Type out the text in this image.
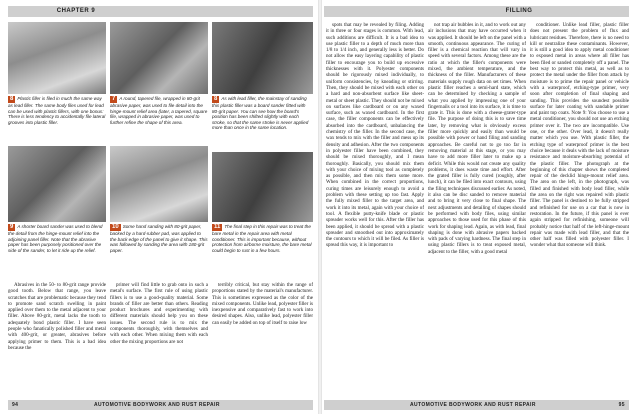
CHAPTER 9
8 Plastic filler is filed in much the same way as lead filler. The same body files used for lead can be used with plastic fillers, with one bonus: There is less tendency to accidentally file lateral grooves into plastic filler.
7 A round, tapered file, wrapped in 80-grit abrasive paper, was used to file detail into the hinge-mount relief area (later, a tapered, square file, wrapped in abrasive paper, was used to further refine the shape of this area.
8 As with lead filler, the mainstay of sanding this plastic filler was a board sander fitted with 80-grit paper. You can see how the board's position has been shifted slightly with each stroke, so that the same stroke is never applied more than once in the same location.
9 A shorter board sander was used to blend the detail from the hinge-mount relief into the adjoining panel filler. Note that the abrasive paper has been purposely positioned over the side of the sander, to let it ride up the relief.
10 Some hand sanding with 80-grit paper, backed by a hard-rubber pad, was applied to the back edge of the panel to give it shape. This was followed by sanding the area with 180-grit paper.
11 The final step in this repair was to treat the bare metal in the repair area with metal conditioner. This is important because, without protection from airborne moisture, the bare metal could begin to rust in a few hours.

Abrasives in the 50- to 80-grit range provide good tooth. Below that range, you leave scratches that are problematic because they tend to promote sand scratch swelling in paint applied over them to the metal adjacent to your filler. Above 80-grit, metal lacks the tooth to adequately bond plastic filler. I have seen people who fanatically polished filler and metal with 400-grit, or greater, abrasives before applying primer to them. This is a bad idea because the

primer will find little to grab onto in such a metal's surface. The first rule of using plastic fillers is to use a good-quality material. Some brands of filler are better than others. Reading product brochures and experimenting with different materials should help you on these issues. The second rule is to mix the components thoroughly, with themselves and with each other. When mixing them with each other the mixing proportions are not

terribly critical, but stay within the range of proportions stated by the material's manufacturer. This is sometimes expressed as the color of the mixed components. Unlike lead, polyester filler is inexpensive and comparatively fast to work into desired shapes. Also, unlike lead, polyester filler can easily be added on top of itself to raise low

94	AUTOMOTIVE BODYWORK AND RUST REPAIR
FILLING

spots that may be revealed by filing. Adding it in three or four stages is common. With lead, such additions are difficult. It is a bad idea to use plastic filler to a depth of much more than 1/8 to 1/4 inch, and generally less is better. Do not allow the easy layering capability of plastic filler to encourage you to build up excessive thicknesses with it. Polyester components should be rigorously mixed individually, to uniform consistencies, by kneading or stirring. Then, they should be mixed with each other on a hard and non-absorbent surface like sheet-metal or sheet plastic. They should not be mixed on surfaces like cardboard or on any waxed surface, such as waxed cardboard. In the first case, the filler components can be effectively absorbed into the cardboard, unbalancing the chemistry of the filler. In the second case, the wax tends to mix with the filler and mess up its density and adhesion. After the two components in polyester filler have been combined, they should be mixed thoroughly, and I mean thoroughly. Basically, you should mix them with your choice of mixing tool as completely as possible, and then mix them some more. When combined in the correct proportions, curing times are leisurely enough to avoid a problem with these setting up too fast. Apply the fully mixed filler to the target area, and work it into its metal, again with your choice of tool. A flexible putty-knife blade or plastic spreader works well for this. After the filler has been applied, it should be spread with a plastic spreader and smoothed out into approximately the contours to which it will be filed. As filler is spread this way, it is important to

not trap air bubbles in it, and to work out any air inclusions that may have occurred when it was applied. It should be left on the panel with a smooth, continuous appearance. The curing of filler is a chemical reaction that will vary in speed with several factors. Among these are the ratio at which the filler's components were mixed, the ambient temperature, and the thickness of the filler. Manufacturers of these materials supply rough data on set times. When plastic filler reaches a semi-hard state, which can be determined by checking a sample of what you applied by impressing one of your fingernails or a tool into its surface, it is time to grate it. This is done with a cheese-grater-type file. The purpose of doing this is to save time later, by removing what is obviously excess filler more quickly and easily than would be possible with power or hand filing and sanding approaches. Be careful not to go too far in removing material at this stage, or you may have to add more filler later to make up a deficit. While this would not create any quality problems, it does waste time and effort. After the grated filler is fully cured (roughly, after lunch), it can be filed into exact contours, using the filing techniques discussed earlier. As noted, it also can be disc sanded to remove material and to bring it very close to final shape. The next adjustments and detailing of shapes should be performed with body files, using similar approaches to those used for this phase of this work for shaping lead. Again, as with lead, final shaping is done with abrasive papers backed with pads of varying hardness. The final step in using plastic fillers is to treat exposed metal, adjacent to the filler, with a good metal

conditioner. Unlike lead filler, plastic filler does not present the problem of flux and lubricant residues. Therefore, there is no need to kill or neutralize these contaminants. However, it is still a good idea to apply metal conditioner to exposed metal in areas where all filler has been filed or sanded completely off a panel. The best way to protect this metal, as well as to protect the metal under the filler from attack by moisture is to prime the repair panel or vehicle with a waterproof, etching-type primer, very soon after completion of final shaping and sanding. This provides the soundest possible surface for later coating with sandable primer and paint top coats. Note 9: You choose to use a metal conditioner, you should not use an etching primer over it. The two are incompatible. Use one, or the other. Over lead, it doesn't really matter which you use. With plastic filler, the etching type of waterproof primer is the best choice because it deals with the lack of moisture resistance and moisture-absorbing potential of the plastic filler. The photograph at the beginning of this chapter shows the completed repair of the decklid hinge-mount relief area. The area on the left, in the photograph, was filled and finished with body lead filler, while the area on the right was repaired with plastic filler. The panel is destined to be fully stripped and refinished for use on a car that is now in restoration. In the future, if this panel is ever again stripped for refinishing, someone will probably notice that half of the left-hinge-mount repair was made with lead filler, and that the other half was filled with polyester filler. I wonder what that someone will think.

AUTOMOTIVE BODYWORK AND RUST REPAIR	95
